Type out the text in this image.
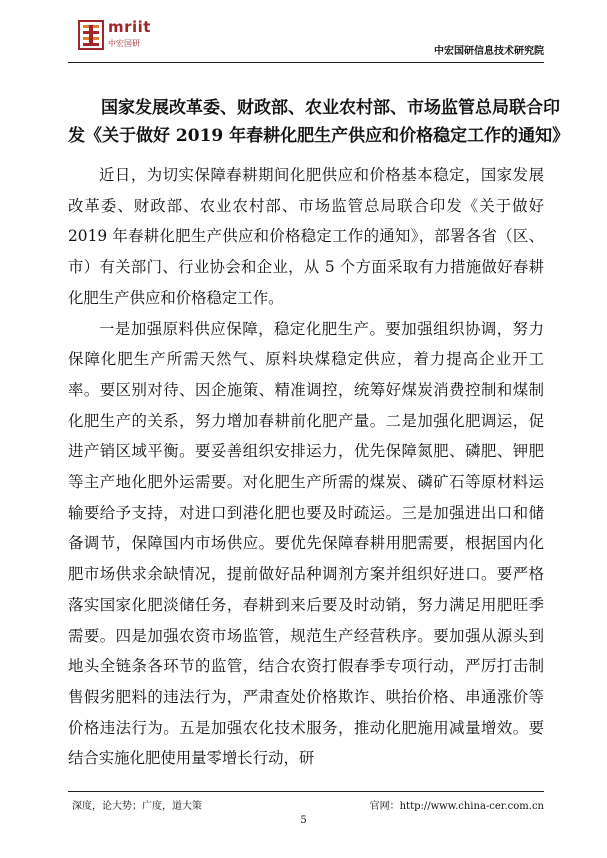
mriit
中宏国研
中宏国研信息技术研究院
国家发展改革委、财政部、农业农村部、市场监管总局联合印
发《关于做好 2019 年春耕化肥生产供应和价格稳定工作的通知》

近日，为切实保障春耕期间化肥供应和价格基本稳定，国家发展改革委、财政部、农业农村部、市场监管总局联合印发《关于做好 2019 年春耕化肥生产供应和价格稳定工作的通知》，部署各省（区、市）有关部门、行业协会和企业，从 5 个方面采取有力措施做好春耕化肥生产供应和价格稳定工作。

一是加强原料供应保障，稳定化肥生产。要加强组织协调，努力保障化肥生产所需天然气、原料块煤稳定供应，着力提高企业开工率。要区别对待、因企施策、精准调控，统筹好煤炭消费控制和煤制化肥生产的关系，努力增加春耕前化肥产量。二是加强化肥调运，促进产销区域平衡。要妥善组织安排运力，优先保障氮肥、磷肥、钾肥等主产地化肥外运需要。对化肥生产所需的煤炭、磷矿石等原材料运输要给予支持，对进口到港化肥也要及时疏运。三是加强进出口和储备调节，保障国内市场供应。要优先保障春耕用肥需要，根据国内化肥市场供求余缺情况，提前做好品种调剂方案并组织好进口。要严格落实国家化肥淡储任务，春耕到来后要及时动销，努力满足用肥旺季需要。四是加强农资市场监管，规范生产经营秩序。要加强从源头到地头全链条各环节的监管，结合农资打假春季专项行动，严厉打击制售假劣肥料的违法行为，严肃查处价格欺诈、哄抬价格、串通涨价等价格违法行为。五是加强农化技术服务，推动化肥施用减量增效。要结合实施化肥使用量零增长行动，研

深度，论大势；广度，道大策	官网：http://www.china-cer.com.cn
5
